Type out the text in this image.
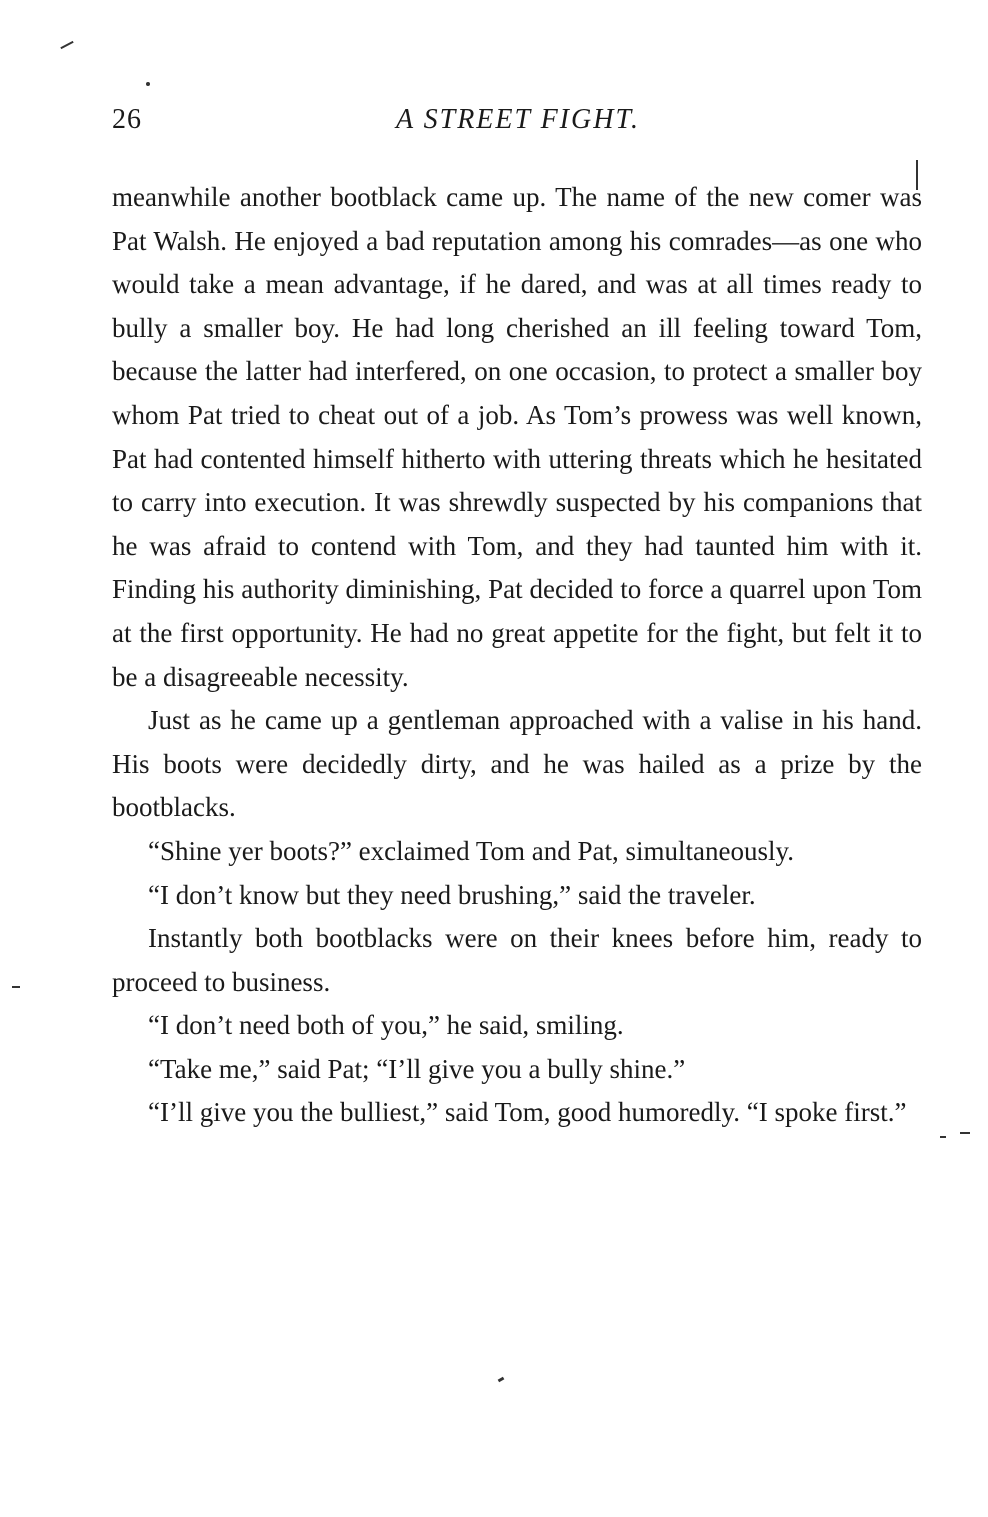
26	A STREET FIGHT.

meanwhile another bootblack came up. The name of the new comer was Pat Walsh. He enjoyed a bad reputation among his comrades—as one who would take a mean advantage, if he dared, and was at all times ready to bully a smaller boy. He had long cherished an ill feeling toward Tom, because the latter had interfered, on one occasion, to protect a smaller boy whom Pat tried to cheat out of a job. As Tom’s prowess was well known, Pat had contented himself hitherto with uttering threats which he hesitated to carry into execution. It was shrewdly suspected by his companions that he was afraid to contend with Tom, and they had taunted him with it. Finding his authority diminishing, Pat decided to force a quarrel upon Tom at the first opportunity. He had no great appetite for the fight, but felt it to be a disagreeable necessity.

Just as he came up a gentleman approached with a valise in his hand. His boots were decidedly dirty, and he was hailed as a prize by the bootblacks.

“Shine yer boots?” exclaimed Tom and Pat, simultaneously.

“I don’t know but they need brushing,” said the traveler.

Instantly both bootblacks were on their knees before him, ready to proceed to business.

“I don’t need both of you,” he said, smiling.

“Take me,” said Pat; “I’ll give you a bully shine.”

“I’ll give you the bulliest,” said Tom, good humoredly. “I spoke first.”
